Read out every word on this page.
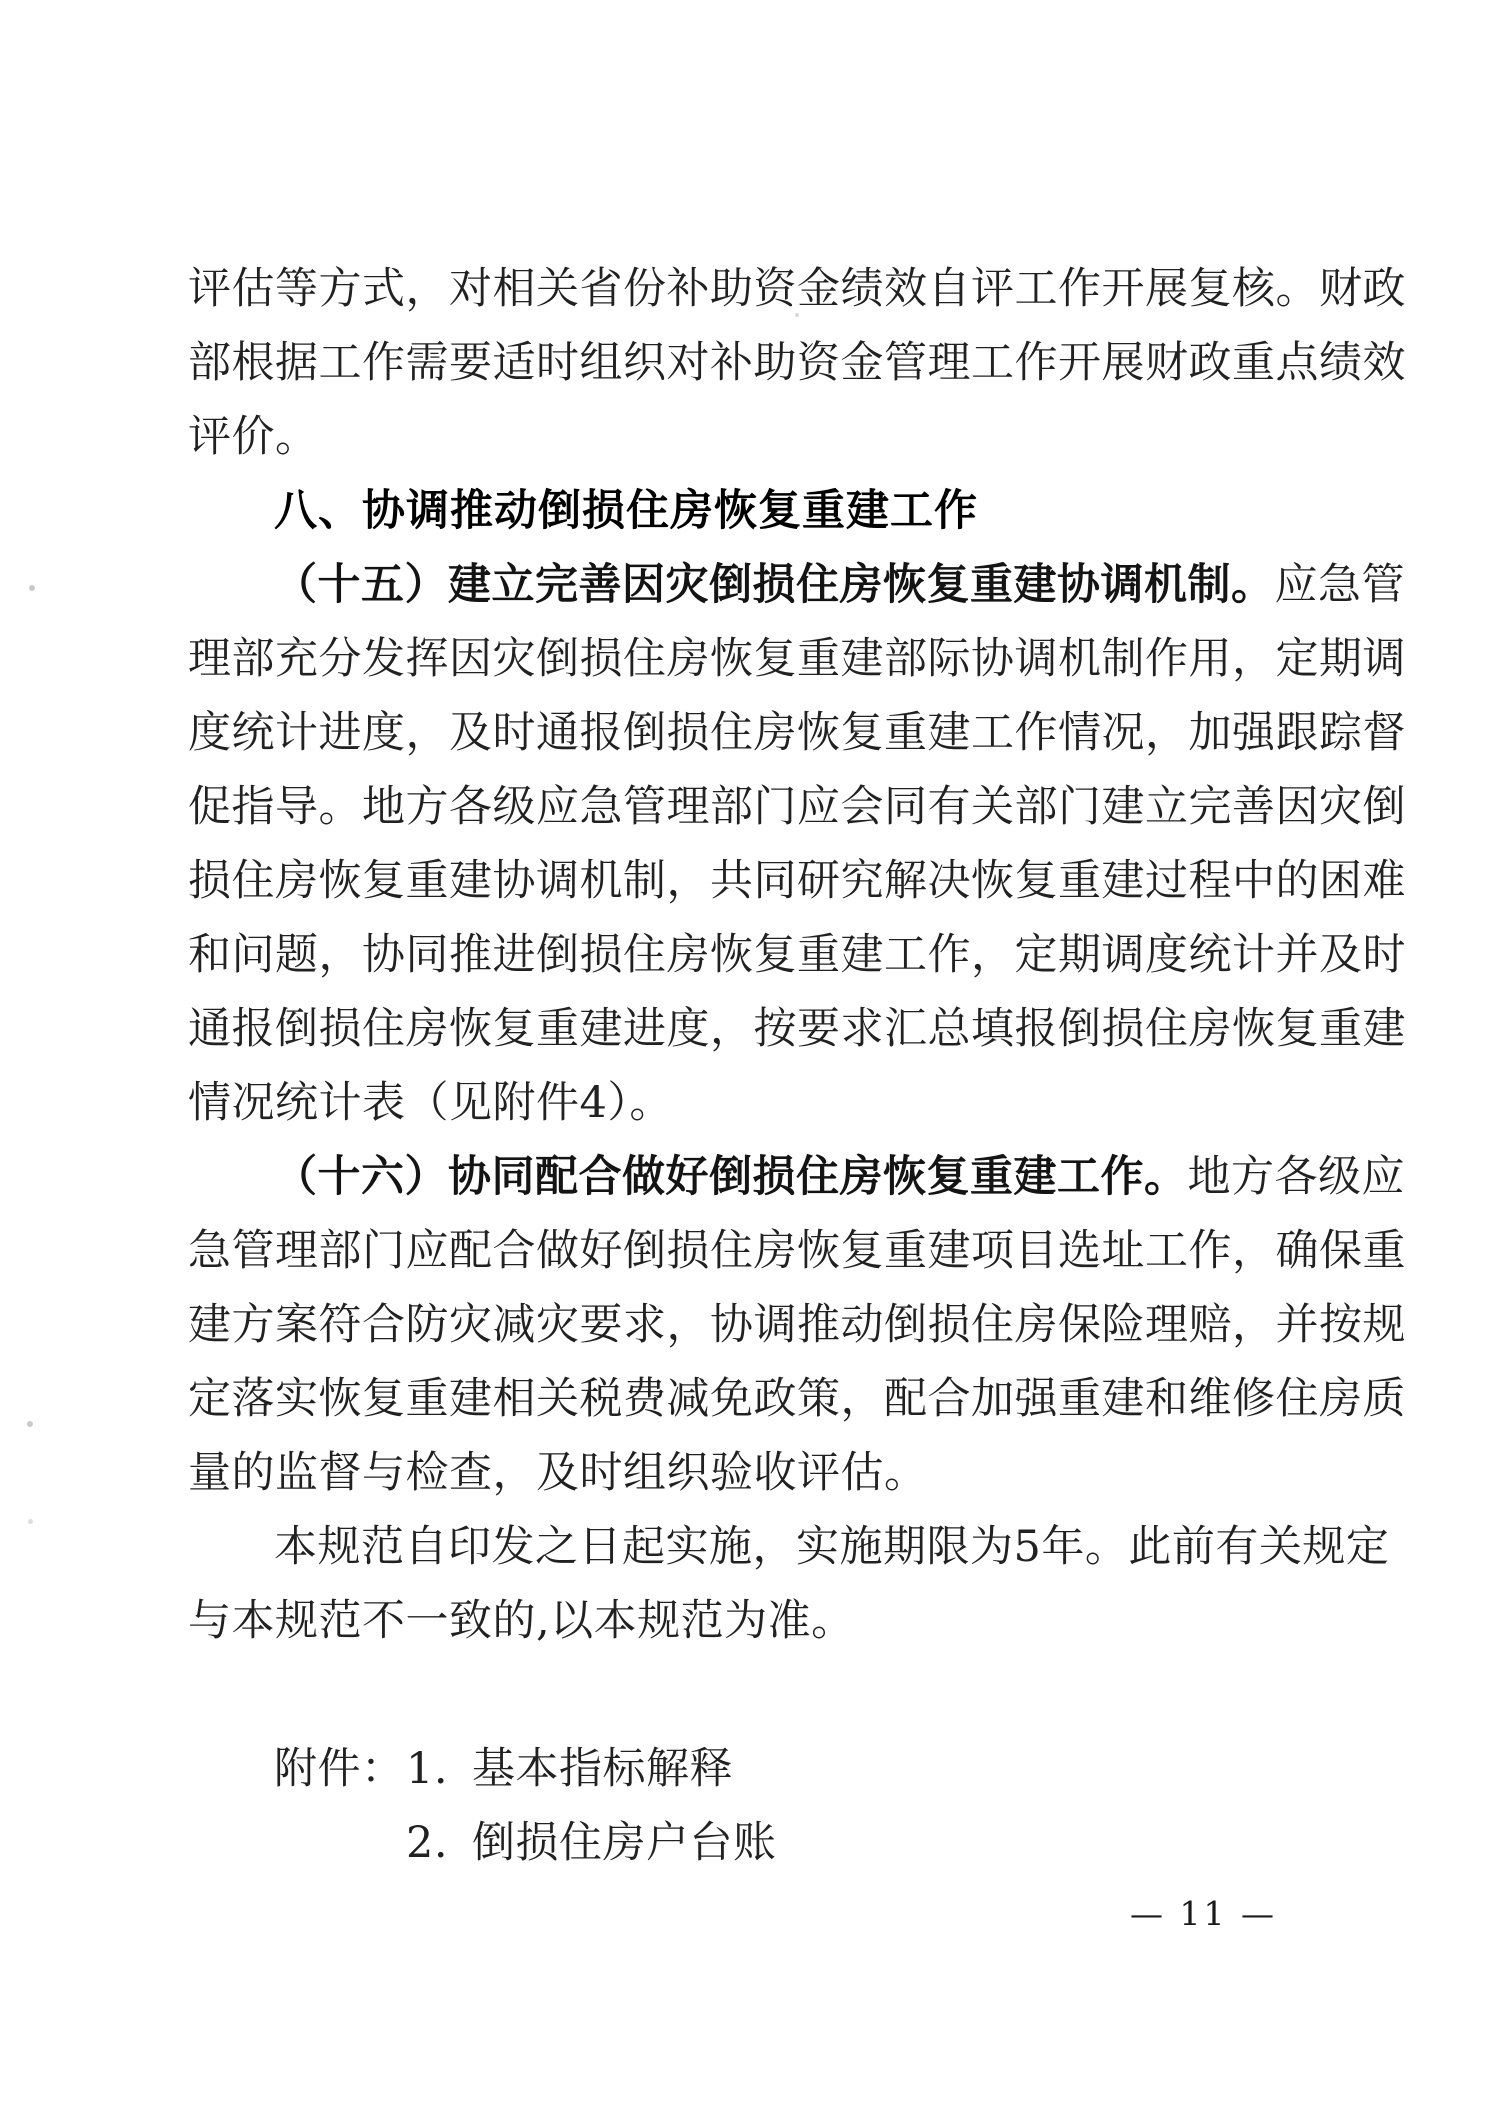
评估等方式，对相关省份补助资金绩效自评工作开展复核。财政
部根据工作需要适时组织对补助资金管理工作开展财政重点绩效
评价。
八、协调推动倒损住房恢复重建工作
（十五）建立完善因灾倒损住房恢复重建协调机制。应急管
理部充分发挥因灾倒损住房恢复重建部际协调机制作用，定期调
度统计进度，及时通报倒损住房恢复重建工作情况，加强跟踪督
促指导。地方各级应急管理部门应会同有关部门建立完善因灾倒
损住房恢复重建协调机制，共同研究解决恢复重建过程中的困难
和问题，协同推进倒损住房恢复重建工作，定期调度统计并及时
通报倒损住房恢复重建进度，按要求汇总填报倒损住房恢复重建
情况统计表（见附件4）。
（十六）协同配合做好倒损住房恢复重建工作。地方各级应
急管理部门应配合做好倒损住房恢复重建项目选址工作，确保重
建方案符合防灾减灾要求，协调推动倒损住房保险理赔，并按规
定落实恢复重建相关税费减免政策，配合加强重建和维修住房质
量的监督与检查，及时组织验收评估。
本规范自印发之日起实施，实施期限为5年。此前有关规定
与本规范不一致的,以本规范为准。
附件：1. 基本指标解释
2. 倒损住房户台账
— 11 —
